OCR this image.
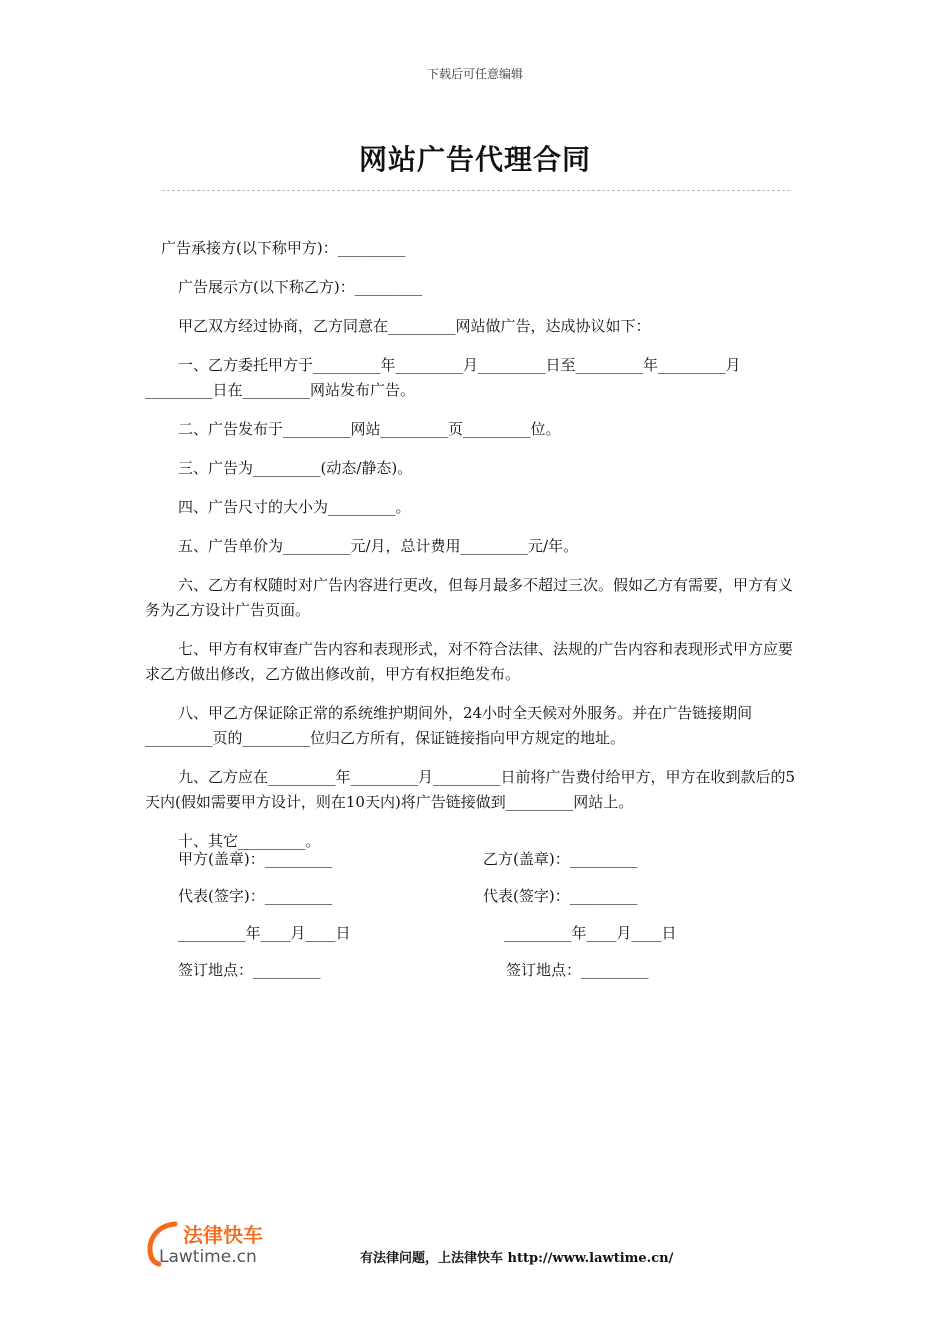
下载后可任意编辑
网站广告代理合同

广告承接方(以下称甲方)：_________

广告展示方(以下称乙方)：_________

甲乙双方经过协商，乙方同意在_________网站做广告，达成协议如下：

一、乙方委托甲方于_________年_________月_________日至_________年_________月_________日在_________网站发布广告。

二、广告发布于_________网站_________页_________位。

三、广告为_________(动态/静态)。

四、广告尺寸的大小为_________。

五、广告单价为_________元/月，总计费用_________元/年。

六、乙方有权随时对广告内容进行更改，但每月最多不超过三次。假如乙方有需要，甲方有义务为乙方设计广告页面。

七、甲方有权审查广告内容和表现形式，对不符合法律、法规的广告内容和表现形式甲方应要求乙方做出修改，乙方做出修改前，甲方有权拒绝发布。

八、甲乙方保证除正常的系统维护期间外，24小时全天候对外服务。并在广告链接期间_________页的_________位归乙方所有，保证链接指向甲方规定的地址。

九、乙方应在_________年_________月_________日前将广告费付给甲方，甲方在收到款后的5天内(假如需要甲方设计，则在10天内)将广告链接做到_________网站上。

十、其它_________。

甲方(盖章)：_________	乙方(盖章)：_________
代表(签字)：_________	代表(签字)：_________
_________年____月____日	_________年____月____日
签订地点：_________	签订地点：_________
法律快车
Lawtime.cn	有法律问题，上法律快车 http://www.lawtime.cn/
